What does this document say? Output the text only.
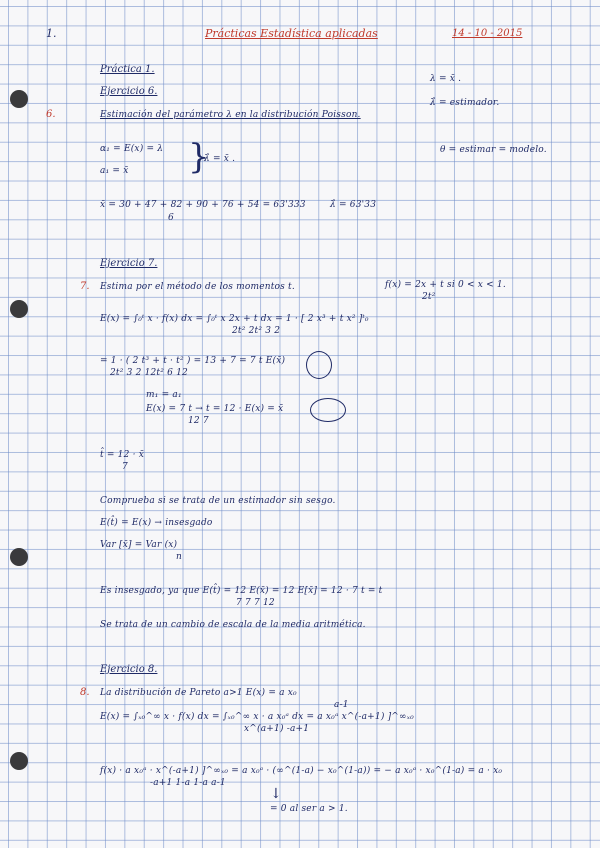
1.	Prácticas Estadística aplicadas	14 - 10 - 2015
Práctica 1.
Ejercicio 6.
6.	Estimación del parámetro λ en la distribución Poisson.
λ = x̄ .
λ̂ = estimador.
θ = estimar = modelo.
α₁ = E(x) = λ
a₁ = x̄ }
λ̂ = x̄ .
x̄ = 30 + 47 + 82 + 90 + 76 + 54 = 63'333
6
λ̂ = 63'33
Ejercicio 7.
7. Estima por el método de los momentos t.	f(x) = 2x + t si 0 < x < 1.
2t²
E(x) = ∫₀ᵗ x · f(x) dx = ∫₀ᵗ x 2x + t dx = 1 · [ 2 x³ + t x² ]ᵗ₀
2t² 2t² 3 2
= 1 · ( 2 t³ + t · t² ) = 13 + 7 = 7 t E(x̄)
2t² 3 2 12t² 6 12
m₁ = a₁
E(x) = 7 t → t = 12 · E(x) = x̄
12 7
t̂ = 12 · x̄
7
Comprueba si se trata de un estimador sin sesgo.
E(t̂) = E(x) → insesgado
Var [x̄] = Var (x)
n
Es insesgado, ya que E(t̂) = 12 E(x̄) = 12 E[x̄] = 12 · 7 t = t
7 7 7 12
Se trata de un cambio de escala de la media aritmética.
Ejercicio 8.
8. La distribución de Pareto a>1 E(x) = a x₀
a-1
E(x) = ∫ₓ₀^∞ x · f(x) dx = ∫ₓ₀^∞ x · a x₀ᵃ dx = a x₀ᵃ x^(-a+1) ]^∞ₓ₀
x^(a+1) -a+1
f(x) · a x₀ᵃ · x^(-a+1) ]^∞ₓ₀ = a x₀ᵃ · (∞^(1-a) − x₀^(1-a)) = − a x₀ᵃ · x₀^(1-a) = a · x₀
-a+1 1-a 1-a a-1
↓
= 0 al ser a > 1.
